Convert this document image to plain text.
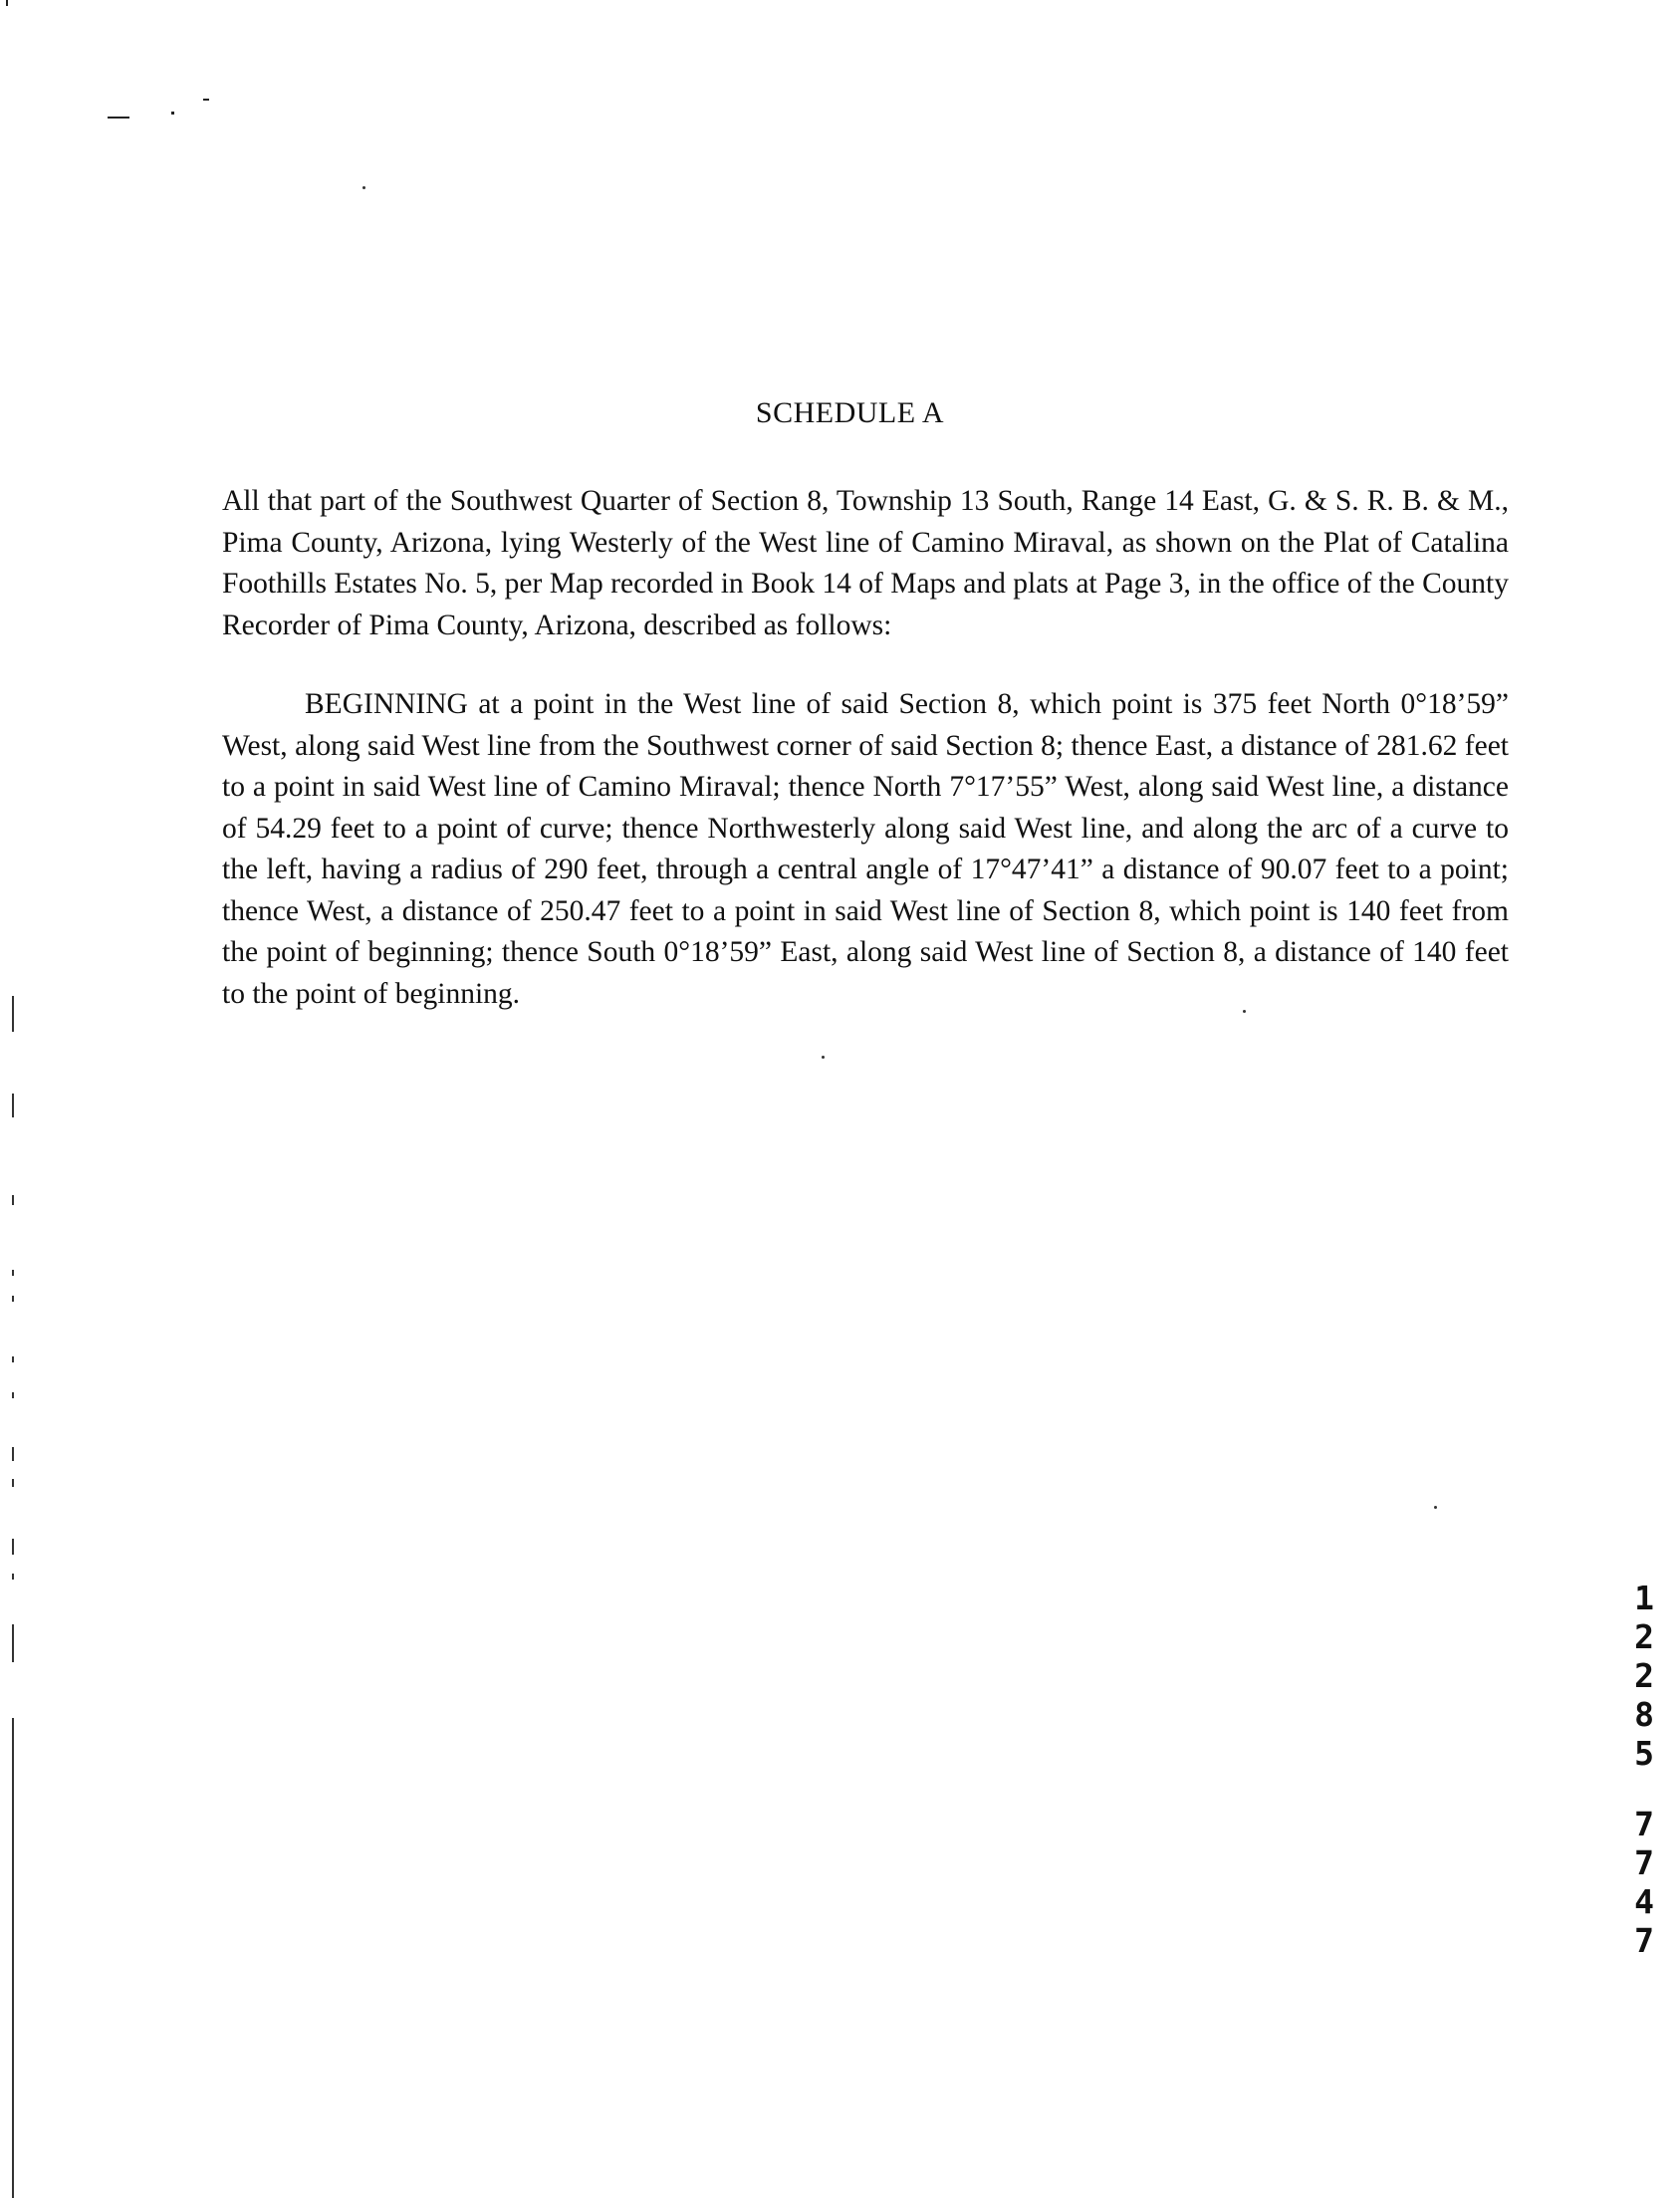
SCHEDULE A

All that part of the Southwest Quarter of Section 8, Township 13 South, Range 14 East, G. & S. R. B. & M., Pima County, Arizona, lying Westerly of the West line of Camino Miraval, as shown on the Plat of Catalina Foothills Estates No. 5, per Map recorded in Book 14 of Maps and plats at Page 3, in the office of the County Recorder of Pima County, Arizona, described as follows:

BEGINNING at a point in the West line of said Section 8, which point is 375 feet North 0°18’59” West, along said West line from the Southwest corner of said Section 8; thence East, a distance of 281.62 feet to a point in said West line of Camino Miraval; thence North 7°17’55” West, along said West line, a distance of 54.29 feet to a point of curve; thence Northwesterly along said West line, and along the arc of a curve to the left, having a radius of 290 feet, through a central angle of 17°47’41” a distance of 90.07 feet to a point; thence West, a distance of 250.47 feet to a point in said West line of Section 8, which point is 140 feet from the point of beginning; thence South 0°18’59” East, along said West line of Section 8, a distance of 140 feet to the point of beginning.

1
2
2
8
5
7
7
4
7
